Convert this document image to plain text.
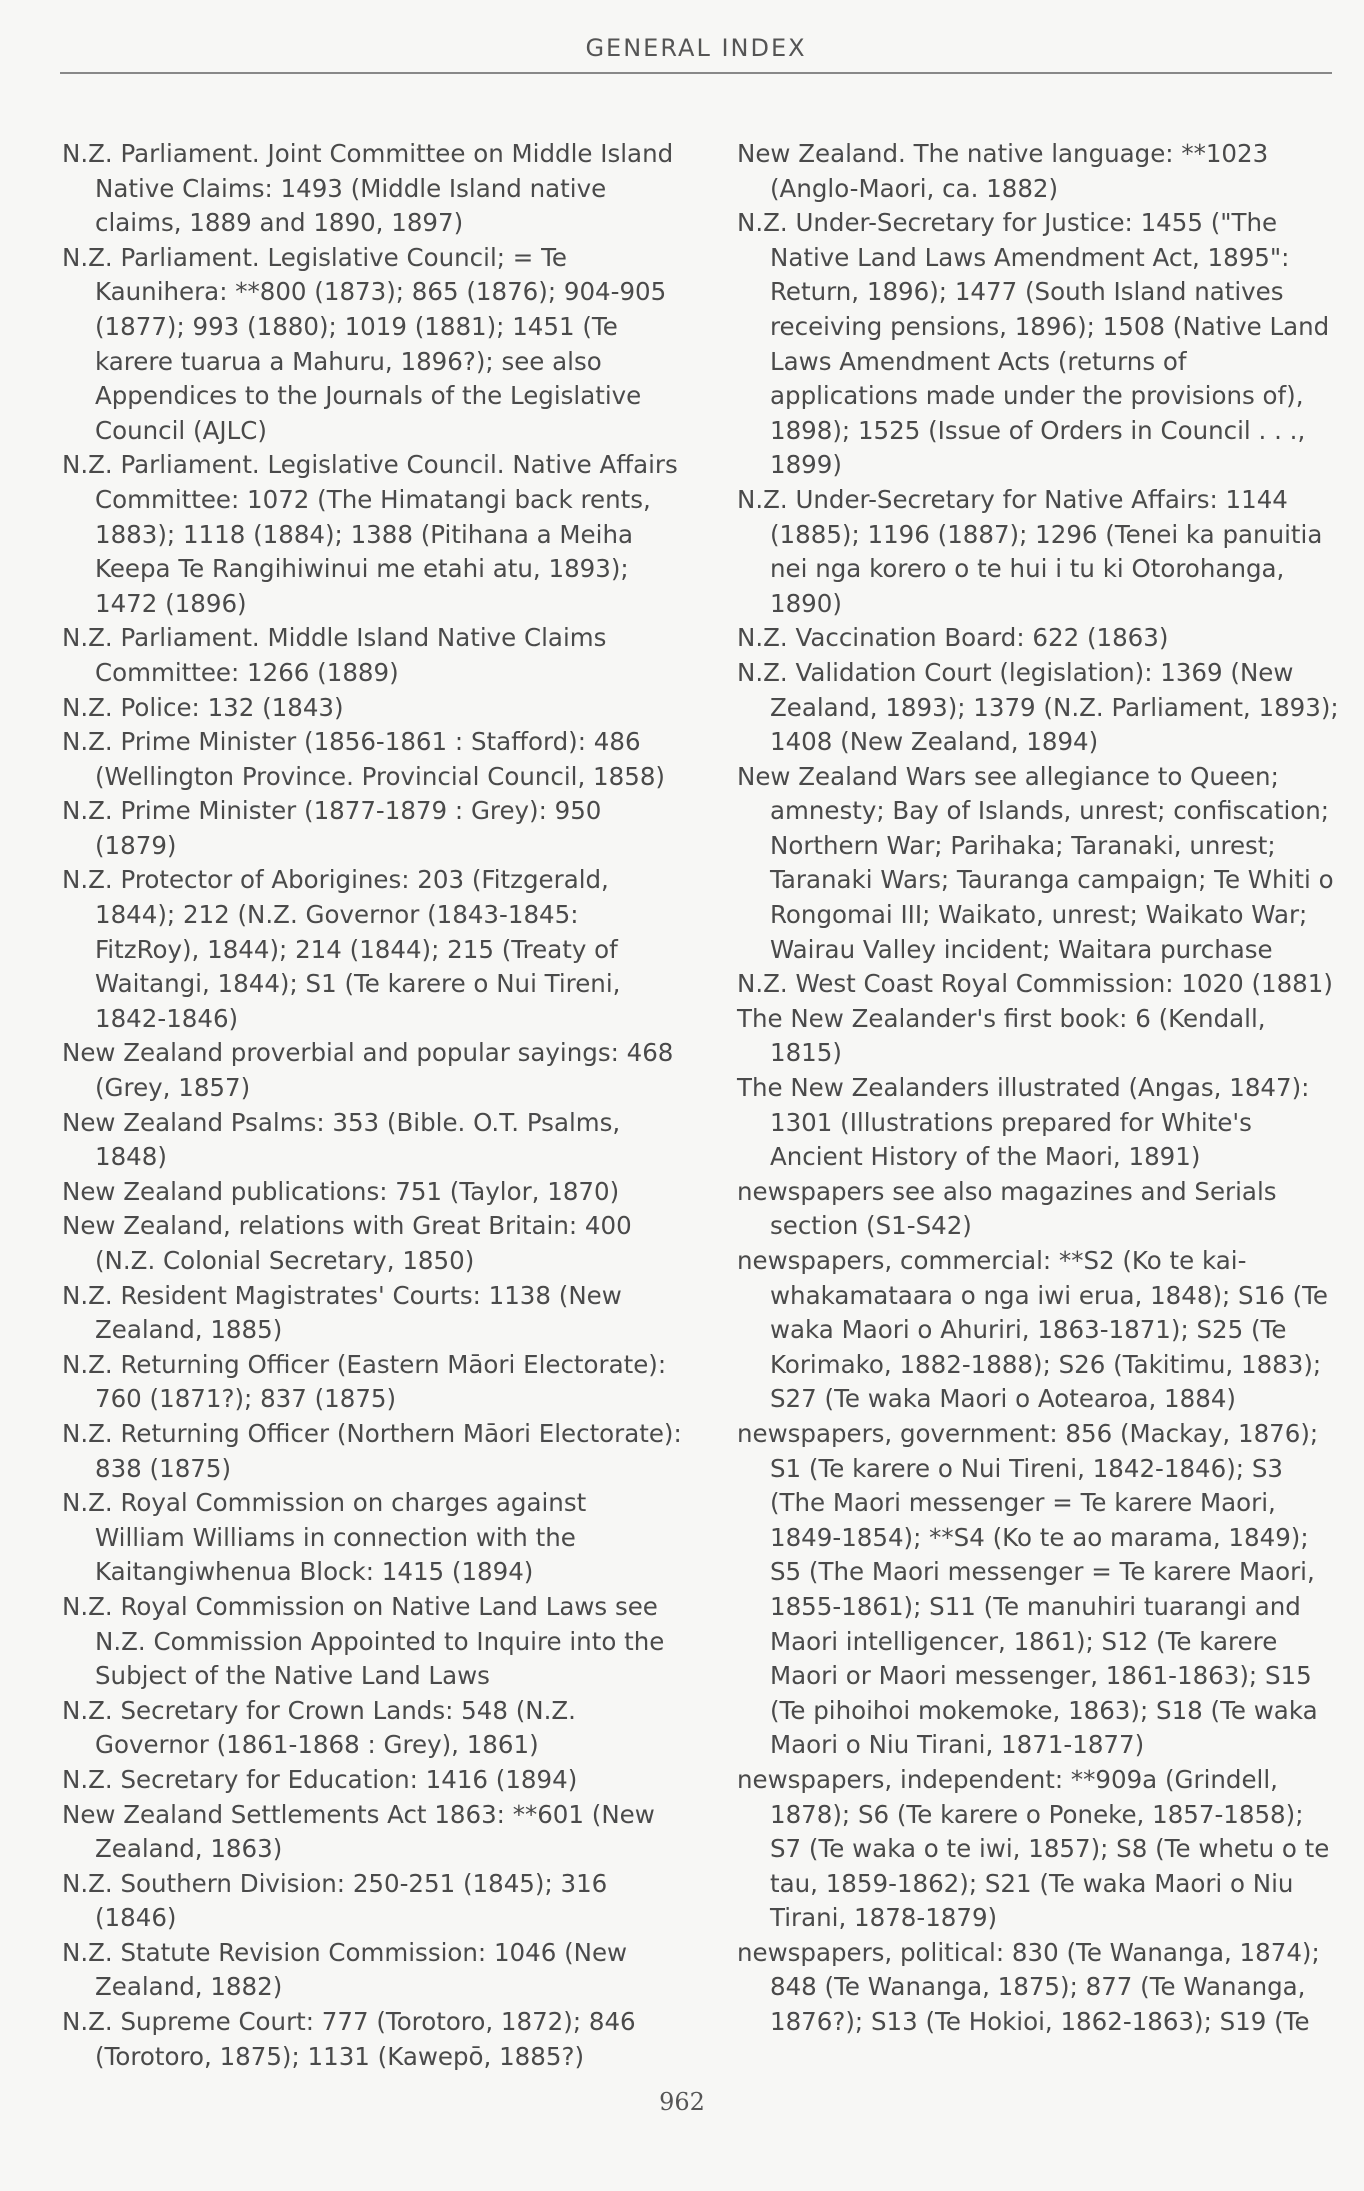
GENERAL INDEX

N.Z. Parliament. Joint Committee on Middle Island Native Claims: 1493 (Middle Island native claims, 1889 and 1890, 1897)

N.Z. Parliament. Legislative Council; = Te Kaunihera: **800 (1873); 865 (1876); 904-905 (1877); 993 (1880); 1019 (1881); 1451 (Te karere tuarua a Mahuru, 1896?); see also Appendices to the Journals of the Legislative Council (AJLC)

N.Z. Parliament. Legislative Council. Native Affairs Committee: 1072 (The Himatangi back rents, 1883); 1118 (1884); 1388 (Pitihana a Meiha Keepa Te Rangihiwinui me etahi atu, 1893); 1472 (1896)

N.Z. Parliament. Middle Island Native Claims Committee: 1266 (1889)

N.Z. Police: 132 (1843)

N.Z. Prime Minister (1856-1861 : Stafford): 486 (Wellington Province. Provincial Council, 1858)

N.Z. Prime Minister (1877-1879 : Grey): 950 (1879)

N.Z. Protector of Aborigines: 203 (Fitzgerald, 1844); 212 (N.Z. Governor (1843-1845: FitzRoy), 1844); 214 (1844); 215 (Treaty of Waitangi, 1844); S1 (Te karere o Nui Tireni, 1842-1846)

New Zealand proverbial and popular sayings: 468 (Grey, 1857)

New Zealand Psalms: 353 (Bible. O.T. Psalms, 1848)

New Zealand publications: 751 (Taylor, 1870)

New Zealand, relations with Great Britain: 400 (N.Z. Colonial Secretary, 1850)

N.Z. Resident Magistrates' Courts: 1138 (New Zealand, 1885)

N.Z. Returning Officer (Eastern Māori Electorate): 760 (1871?); 837 (1875)

N.Z. Returning Officer (Northern Māori Electorate): 838 (1875)

N.Z. Royal Commission on charges against William Williams in connection with the Kaitangiwhenua Block: 1415 (1894)

N.Z. Royal Commission on Native Land Laws see N.Z. Commission Appointed to Inquire into the Subject of the Native Land Laws

N.Z. Secretary for Crown Lands: 548 (N.Z. Governor (1861-1868 : Grey), 1861)

N.Z. Secretary for Education: 1416 (1894)

New Zealand Settlements Act 1863: **601 (New Zealand, 1863)

N.Z. Southern Division: 250-251 (1845); 316 (1846)

N.Z. Statute Revision Commission: 1046 (New Zealand, 1882)

N.Z. Supreme Court: 777 (Torotoro, 1872); 846 (Torotoro, 1875); 1131 (Kawepō, 1885?)

New Zealand. The native language: **1023 (Anglo-Maori, ca. 1882)

N.Z. Under-Secretary for Justice: 1455 ("The Native Land Laws Amendment Act, 1895": Return, 1896); 1477 (South Island natives receiving pensions, 1896); 1508 (Native Land Laws Amendment Acts (returns of applications made under the provisions of), 1898); 1525 (Issue of Orders in Council . . ., 1899)

N.Z. Under-Secretary for Native Affairs: 1144 (1885); 1196 (1887); 1296 (Tenei ka panuitia nei nga korero o te hui i tu ki Otorohanga, 1890)

N.Z. Vaccination Board: 622 (1863)

N.Z. Validation Court (legislation): 1369 (New Zealand, 1893); 1379 (N.Z. Parliament, 1893); 1408 (New Zealand, 1894)

New Zealand Wars see allegiance to Queen; amnesty; Bay of Islands, unrest; confiscation; Northern War; Parihaka; Taranaki, unrest; Taranaki Wars; Tauranga campaign; Te Whiti o Rongomai III; Waikato, unrest; Waikato War; Wairau Valley incident; Waitara purchase

N.Z. West Coast Royal Commission: 1020 (1881)

The New Zealander's first book: 6 (Kendall, 1815)

The New Zealanders illustrated (Angas, 1847): 1301 (Illustrations prepared for White's Ancient History of the Maori, 1891)

newspapers see also magazines and Serials section (S1-S42)

newspapers, commercial: **S2 (Ko te kai-whakamataara o nga iwi erua, 1848); S16 (Te waka Maori o Ahuriri, 1863-1871); S25 (Te Korimako, 1882-1888); S26 (Takitimu, 1883); S27 (Te waka Maori o Aotearoa, 1884)

newspapers, government: 856 (Mackay, 1876); S1 (Te karere o Nui Tireni, 1842-1846); S3 (The Maori messenger = Te karere Maori, 1849-1854); **S4 (Ko te ao marama, 1849); S5 (The Maori messenger = Te karere Maori, 1855-1861); S11 (Te manuhiri tuarangi and Maori intelligencer, 1861); S12 (Te karere Maori or Maori messenger, 1861-1863); S15 (Te pihoihoi mokemoke, 1863); S18 (Te waka Maori o Niu Tirani, 1871-1877)

newspapers, independent: **909a (Grindell, 1878); S6 (Te karere o Poneke, 1857-1858); S7 (Te waka o te iwi, 1857); S8 (Te whetu o te tau, 1859-1862); S21 (Te waka Maori o Niu Tirani, 1878-1879)

newspapers, political: 830 (Te Wananga, 1874); 848 (Te Wananga, 1875); 877 (Te Wananga, 1876?); S13 (Te Hokioi, 1862-1863); S19 (Te

962
